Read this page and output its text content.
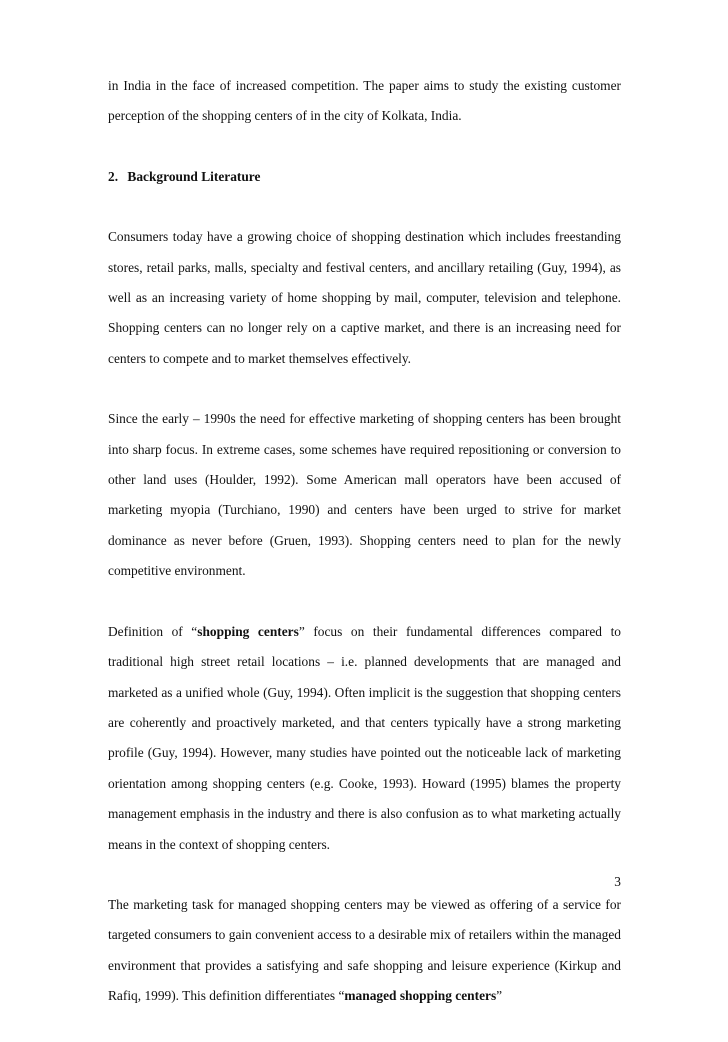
in India in the face of increased competition. The paper aims to study the existing customer perception of the shopping centers of in the city of Kolkata, India.

2. Background Literature

Consumers today have a growing choice of shopping destination which includes freestanding stores, retail parks, malls, specialty and festival centers, and ancillary retailing (Guy, 1994), as well as an increasing variety of home shopping by mail, computer, television and telephone. Shopping centers can no longer rely on a captive market, and there is an increasing need for centers to compete and to market themselves effectively.

Since the early – 1990s the need for effective marketing of shopping centers has been brought into sharp focus. In extreme cases, some schemes have required repositioning or conversion to other land uses (Houlder, 1992). Some American mall operators have been accused of marketing myopia (Turchiano, 1990) and centers have been urged to strive for market dominance as never before (Gruen, 1993). Shopping centers need to plan for the newly competitive environment.

Definition of “shopping centers” focus on their fundamental differences compared to traditional high street retail locations – i.e. planned developments that are managed and marketed as a unified whole (Guy, 1994). Often implicit is the suggestion that shopping centers are coherently and proactively marketed, and that centers typically have a strong marketing profile (Guy, 1994). However, many studies have pointed out the noticeable lack of marketing orientation among shopping centers (e.g. Cooke, 1993). Howard (1995) blames the property management emphasis in the industry and there is also confusion as to what marketing actually means in the context of shopping centers.

The marketing task for managed shopping centers may be viewed as offering of a service for targeted consumers to gain convenient access to a desirable mix of retailers within the managed environment that provides a satisfying and safe shopping and leisure experience (Kirkup and Rafiq, 1999). This definition differentiates “managed shopping centers”

3
